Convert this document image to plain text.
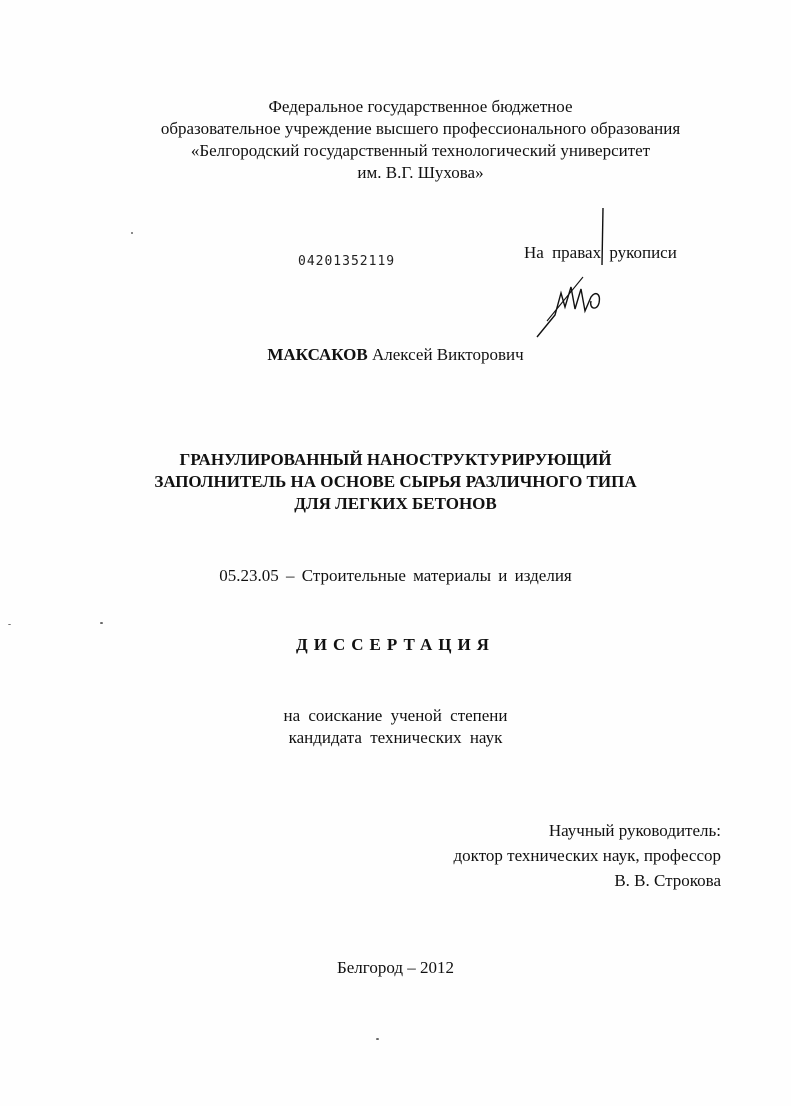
Федеральное государственное бюджетное
образовательное учреждение высшего профессионального образования
«Белгородский государственный технологический университет
им. В.Г. Шухова»
04201352119	На правах рукописи
МАКСАКОВ Алексей Викторович
ГРАНУЛИРОВАННЫЙ НАНОСТРУКТУРИРУЮЩИЙ
ЗАПОЛНИТЕЛЬ НА ОСНОВЕ СЫРЬЯ РАЗЛИЧНОГО ТИПА
ДЛЯ ЛЕГКИХ БЕТОНОВ
05.23.05 – Строительные материалы и изделия
ДИССЕРТАЦИЯ
на соискание ученой степени
кандидата технических наук
Научный руководитель:
доктор технических наук, профессор
В. В. Строкова
Белгород – 2012
